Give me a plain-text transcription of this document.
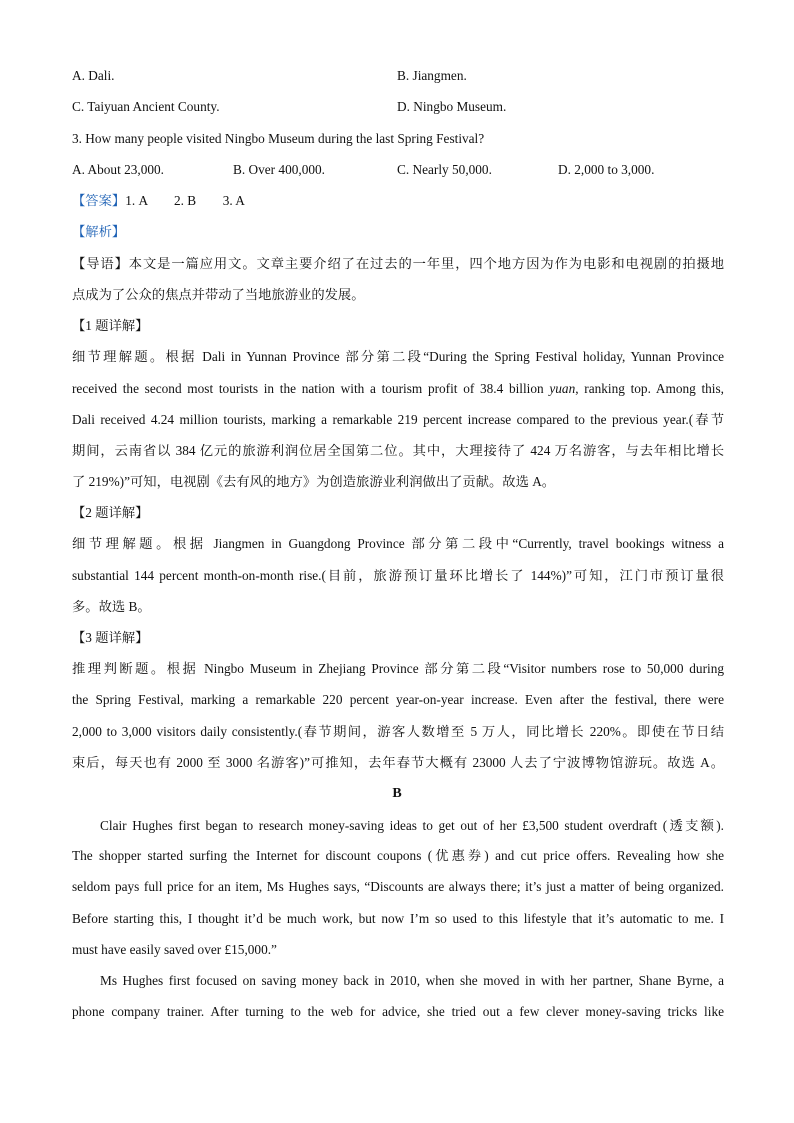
A. Dali.	B. Jiangmen.
C. Taiyuan Ancient County.	D. Ningbo Museum.
3. How many people visited Ningbo Museum during the last Spring Festival?
A. About 23,000.	B. Over 400,000.	C. Nearly 50,000.	D. 2,000 to 3,000.
【答案】1. A        2. B        3. A
【解析】
【导语】本文是一篇应用文。文章主要介绍了在过去的一年里，四个地方因为作为电影和电视剧的拍摄地
点成为了公众的焦点并带动了当地旅游业的发展。
【1 题详解】
细节理解题。根据 Dali in Yunnan Province 部分第二段“During the Spring Festival holiday, Yunnan Province
received the second most tourists in the nation with a tourism profit of 38.4 billion yuan, ranking top. Among this,
Dali received 4.24 million tourists, marking a remarkable 219 percent increase compared to the previous year.(春节
期间，云南省以 384 亿元的旅游利润位居全国第二位。其中，大理接待了 424 万名游客，与去年相比增长
了 219%)”可知，电视剧《去有风的地方》为创造旅游业利润做出了贡献。故选 A。
【2 题详解】
细节理解题。根据 Jiangmen in Guangdong Province 部分第二段中“Currently, travel bookings witness a
substantial 144 percent month-on-month rise.(目前，旅游预订量环比增长了 144%)”可知，江门市预订量很
多。故选 B。
【3 题详解】
推理判断题。根据 Ningbo Museum in Zhejiang Province 部分第二段“Visitor numbers rose to 50,000 during
the Spring Festival, marking a remarkable 220 percent year-on-year increase. Even after the festival, there were
2,000 to 3,000 visitors daily consistently.(春节期间，游客人数增至 5 万人，同比增长 220%。即使在节日结
束后，每天也有 2000 至 3000 名游客)”可推知，去年春节大概有 23000 人去了宁波博物馆游玩。故选 A。
B
Clair Hughes first began to research money-saving ideas to get out of her £3,500 student overdraft (透支额).
The shopper started surfing the Internet for discount coupons (优惠券) and cut price offers. Revealing how she
seldom pays full price for an item, Ms Hughes says, “Discounts are always there; it’s just a matter of being organized.
Before starting this, I thought it’d be much work, but now I’m so used to this lifestyle that it’s automatic to me. I
must have easily saved over £15,000.”
Ms Hughes first focused on saving money back in 2010, when she moved in with her partner, Shane Byrne, a
phone company trainer. After turning to the web for advice, she tried out a few clever money-saving tricks like
